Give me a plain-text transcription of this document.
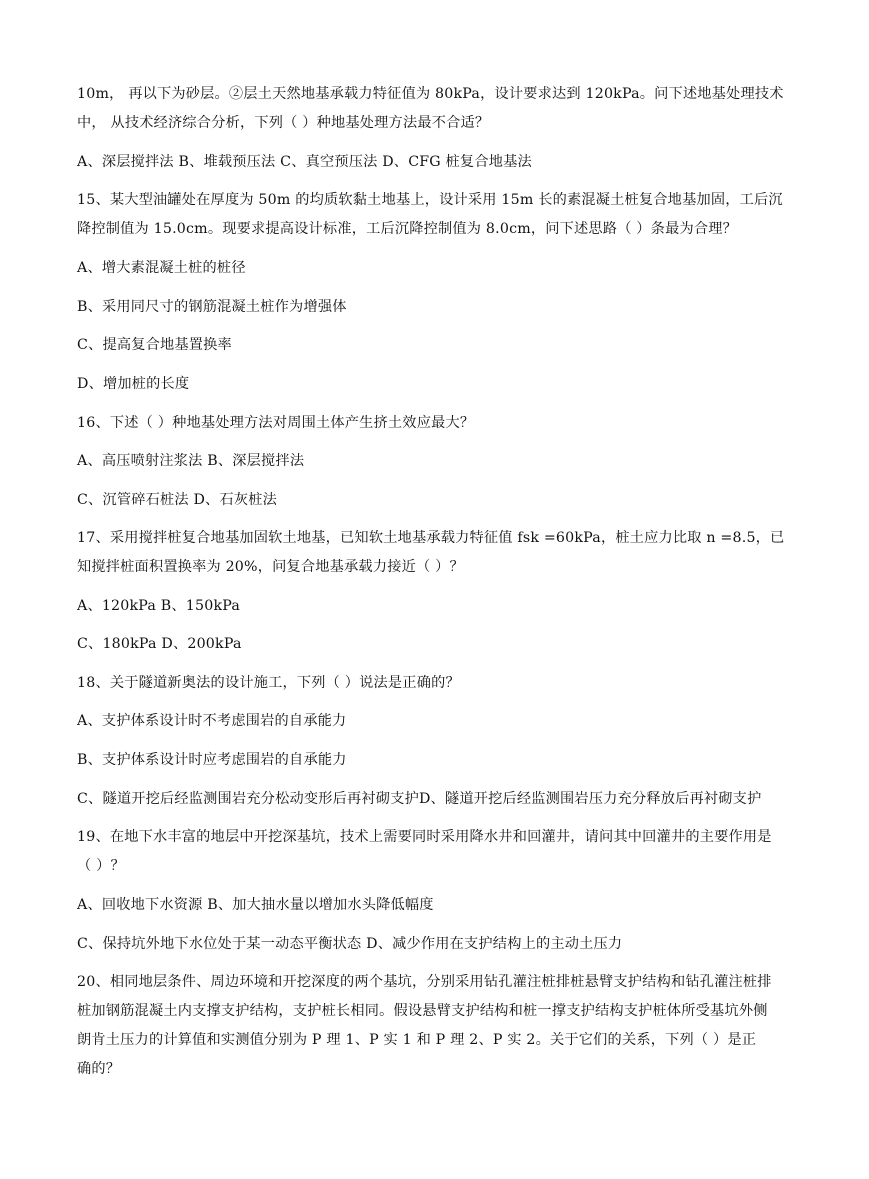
10m， 再以下为砂层。②层土天然地基承载力特征值为 80kPa，设计要求达到 120kPa。问下述地基处理技术
中， 从技术经济综合分析，下列（ ）种地基处理方法最不合适？
A、深层搅拌法 B、堆载预压法 C、真空预压法 D、CFG 桩复合地基法
15、某大型油罐处在厚度为 50m 的均质软黏土地基上，设计采用 15m 长的素混凝土桩复合地基加固，工后沉
降控制值为 15.0cm。现要求提高设计标准，工后沉降控制值为 8.0cm，问下述思路（ ）条最为合理？
A、增大素混凝土桩的桩径
B、采用同尺寸的钢筋混凝土桩作为增强体
C、提高复合地基置换率
D、增加桩的长度
16、下述（ ）种地基处理方法对周围土体产生挤土效应最大？
A、高压喷射注浆法 B、深层搅拌法
C、沉管碎石桩法 D、石灰桩法
17、采用搅拌桩复合地基加固软土地基，已知软土地基承载力特征值 fsk =60kPa，桩土应力比取 n =8.5，已
知搅拌桩面积置换率为 20%，问复合地基承载力接近（ ）？
A、120kPa B、150kPa
C、180kPa D、200kPa
18、关于隧道新奥法的设计施工，下列（ ）说法是正确的？
A、支护体系设计时不考虑围岩的自承能力
B、支护体系设计时应考虑围岩的自承能力
C、隧道开挖后经监测围岩充分松动变形后再衬砌支护D、隧道开挖后经监测围岩压力充分释放后再衬砌支护
19、在地下水丰富的地层中开挖深基坑，技术上需要同时采用降水井和回灌井，请问其中回灌井的主要作用是
（ ）？
A、回收地下水资源 B、加大抽水量以增加水头降低幅度
C、保持坑外地下水位处于某一动态平衡状态 D、减少作用在支护结构上的主动土压力
20、相同地层条件、周边环境和开挖深度的两个基坑，分别采用钻孔灌注桩排桩悬臂支护结构和钻孔灌注桩排
桩加钢筋混凝土内支撑支护结构，支护桩长相同。假设悬臂支护结构和桩一撑支护结构支护桩体所受基坑外侧
朗肯土压力的计算值和实测值分别为 P 理 1、P 实 1 和 P 理 2、P 实 2。关于它们的关系，下列（ ）是正
确的？
